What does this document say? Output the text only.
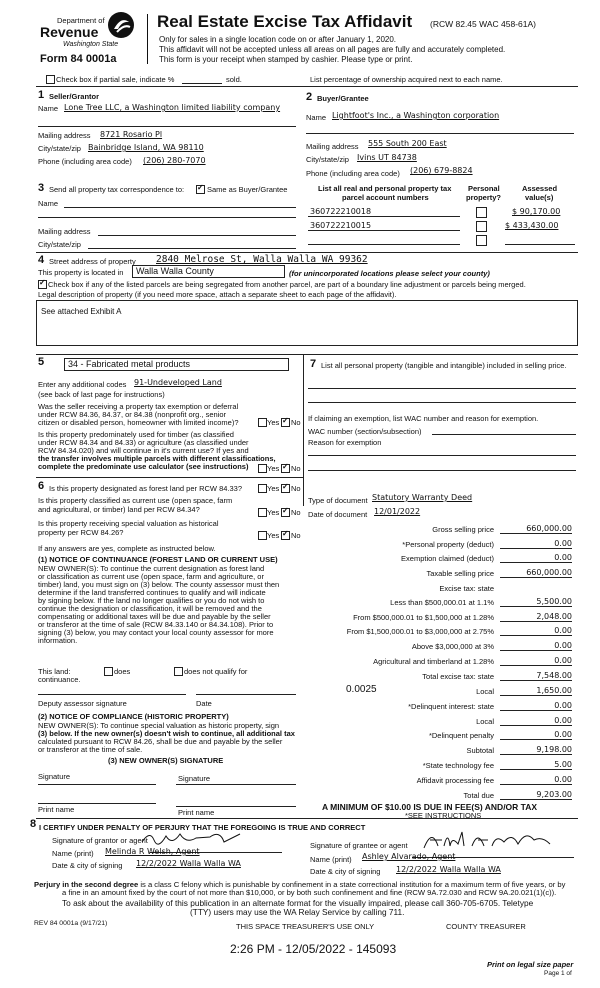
Department of
Revenue
Washington State
Form 84 0001a
Real Estate Excise Tax Affidavit (RCW 82.45 WAC 458-61A)
Only for sales in a single location code on or after January 1, 2020.
This affidavit will not be accepted unless all areas on all pages are fully and accurately completed.
This form is your receipt when stamped by cashier. Please type or print.
Check box if partial sale, indicate %	sold.	List percentage of ownership acquired next to each name.
1 Seller/Grantor
Name Lone Tree LLC, a Washington limited liability company
Mailing address 8721 Rosario Pl
City/state/zip Bainbridge Island, WA 98110
Phone (including area code) (206) 280-7070
2 Buyer/Grantee
Name Lightfoot's Inc., a Washington corporation
Mailing address 555 South 200 East
City/state/zip Ivins UT 84738
Phone (including area code) (206) 679-8824
3 Send all property tax correspondence to: ✓	Same as Buyer/Grantee
Name
Mailing address
City/state/zip
List all real and personal property tax
parcel account numbers
Personal
property?
Assessed
value(s)
360722210018	$ 90,170.00
360722210015	$ 433,430.00
4 Street address of property 2840 Melrose St, Walla Walla WA 99362
This property is located in	Walla Walla County	(for unincorporated locations please select your county)
✓
Check box if any of the listed parcels are being segregated from another parcel, are part of a boundary line adjustment or parcels being merged.
Legal description of property (if you need more space, attach a separate sheet to each page of the affidavit).
See attached Exhibit A
5	34 - Fabricated metal products
Enter any additional codes 91-Undeveloped Land
(see back of last page for instructions)
Was the seller receiving a property tax exemption or deferral
under RCW 84.36, 84.37, or 84.38 (nonprofit org., senior
citizen or disabled person, homeowner with limited income)?	Yes ✓ No
Is this property predominately used for timber (as classified
under RCW 84.34 and 84.33) or agriculture (as classified under
RCW 84.34.020) and will continue in it's current use? If yes and
the transfer involves multiple parcels with different classifications,
complete the predominate use calculator (see instructions) Yes ✓ No
7 List all personal property (tangible and intangible) included in selling price.
If claiming an exemption, list WAC number and reason for exemption.
WAC number (section/subsection)
Reason for exemption
6 Is this property designated as forest land per RCW 84.33?	Yes ✓ No
Is this property classified as current use (open space, farm
and agricultural, or timber) land per RCW 84.34?	Yes ✓ No
Is this property receiving special valuation as historical
property per RCW 84.26?	Yes ✓ No
If any answers are yes, complete as instructed below.
(1) NOTICE OF CONTINUANCE (FOREST LAND OR CURRENT USE)
NEW OWNER(S): To continue the current designation as forest land
or classification as current use (open space, farm and agriculture, or
timber) land, you must sign on (3) below. The county assessor must then
determine if the land transferred continues to qualify and will indicate
by signing below. If the land no longer qualifies or you do not wish to
continue the designation or classification, it will be removed and the
compensating or additional taxes will be due and payable by the seller
or transferor at the time of sale (RCW 84.33.140 or 84.34.108). Prior to
signing (3) below, you may contact your local county assessor for more
information.
This land:
continuance.
does	does not qualify for
Deputy assessor signature	Date
(2) NOTICE OF COMPLIANCE (HISTORIC PROPERTY)
NEW OWNER(S): To continue special valuation as historic property, sign
(3) below. If the new owner(s) doesn't wish to continue, all additional tax
calculated pursuant to RCW 84.26, shall be due and payable by the seller
or transferor at the time of sale.
(3) NEW OWNER(S) SIGNATURE
Signature	Signature
Print name	Print name
Type of document Statutory Warranty Deed
Date of document 12/01/2022
Gross selling price	660,000.00
*Personal property (deduct)	0.00
Exemption claimed (deduct)	0.00
Taxable selling price	660,000.00
Excise tax: state
Less than $500,000.01 at 1.1%	5,500.00
From $500,000.01 to $1,500,000 at 1.28%	2,048.00
From $1,500,000.01 to $3,000,000 at 2.75%	0.00
Above $3,000,000 at 3%	0.00
Agricultural and timberland at 1.28%	0.00
Total excise tax: state	7,548.00
Local
0.0025	1,650.00
*Delinquent interest: state	0.00
Local	0.00
*Delinquent penalty	0.00
Subtotal	9,198.00
*State technology fee	5.00
Affidavit processing fee	0.00
Total due	9,203.00
A MINIMUM OF $10.00 IS DUE IN FEE(S) AND/OR TAX
*SEE INSTRUCTIONS
8 I CERTIFY UNDER PENALTY OF PERJURY THAT THE FOREGOING IS TRUE AND CORRECT
Signature of grantor or agent
Name (print) Melinda R Welsh, Agent
Date & city of signing 12/2/2022 Walla Walla WA
Signature of grantee or agent
Name (print) Ashley Alvarado, Agent
Date & city of signing 12/2/2022 Walla Walla WA
Perjury in the second degree is a class C felony which is punishable by confinement in a state correctional institution for a maximum term of five years, or by
a fine in an amount fixed by the court of not more than $10,000, or by both such confinement and fine (RCW 9A.72.030 and RCW 9A.20.021(1)(c)).
To ask about the availability of this publication in an alternate format for the visually impaired, please call 360-705-6705. Teletype
(TTY) users may use the WA Relay Service by calling 711.
REV 84 0001a (9/17/21)	THIS SPACE TREASURER'S USE ONLY	COUNTY TREASURER
2:26 PM - 12/05/2022 - 145093
Print on legal size paper
Page 1 of
